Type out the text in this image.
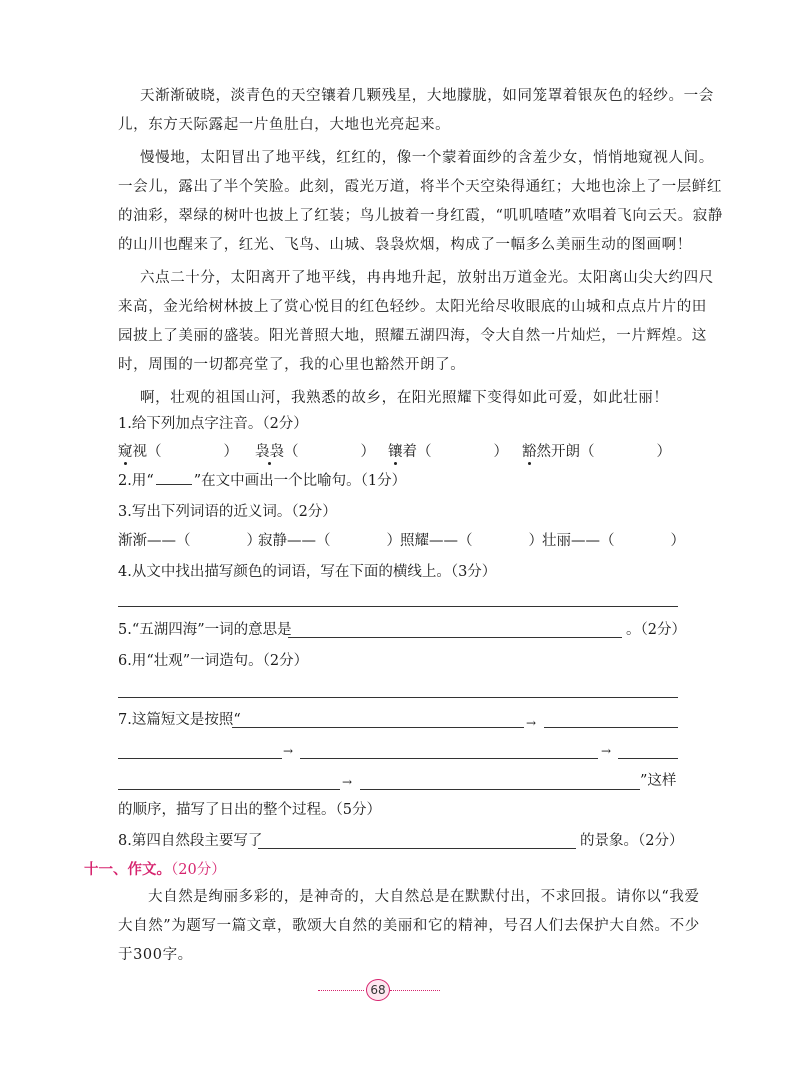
天渐渐破晓，淡青色的天空镶着几颗残星，大地朦胧，如同笼罩着银灰色的轻纱。一会
儿，东方天际露起一片鱼肚白，大地也光亮起来。
慢慢地，太阳冒出了地平线，红红的，像一个蒙着面纱的含羞少女，悄悄地窥视人间。
一会儿，露出了半个笑脸。此刻，霞光万道，将半个天空染得通红；大地也涂上了一层鲜红
的油彩，翠绿的树叶也披上了红装；鸟儿披着一身红霞，“叽叽喳喳”欢唱着飞向云天。寂静
的山川也醒来了，红光、飞鸟、山城、袅袅炊烟，构成了一幅多么美丽生动的图画啊！
六点二十分，太阳离开了地平线，冉冉地升起，放射出万道金光。太阳离山尖大约四尺
来高，金光给树林披上了赏心悦目的红色轻纱。太阳光给尽收眼底的山城和点点片片的田
园披上了美丽的盛装。阳光普照大地，照耀五湖四海，令大自然一片灿烂，一片辉煌。这
时，周围的一切都亮堂了，我的心里也豁然开朗了。
啊，壮观的祖国山河，我熟悉的故乡，在阳光照耀下变得如此可爱，如此壮丽！
1.给下列加点字注音。（2分）
窥视（	） 袅袅（	） 镶着（	） 豁然开朗（	）
2.用“	”在文中画出一个比喻句。（1分）
3.写出下列词语的近义词。（2分）
渐渐——（	）
寂静——（	） 照耀——（	） 壮丽——（	）
4.从文中找出描写颜色的词语，写在下面的横线上。（3分）
5.“五湖四海”一词的意思是	。（2分）
6.用“壮观”一词造句。（2分）
7.这篇短文是按照“	→
→	→
→	”这样
的顺序，描写了日出的整个过程。（5分）
8.第四自然段主要写了	的景象。（2分）
十一、作文。（20分）
大自然是绚丽多彩的，是神奇的，大自然总是在默默付出，不求回报。请你以“我爱
大自然”为题写一篇文章，歌颂大自然的美丽和它的精神，号召人们去保护大自然。不少
于300字。
68
